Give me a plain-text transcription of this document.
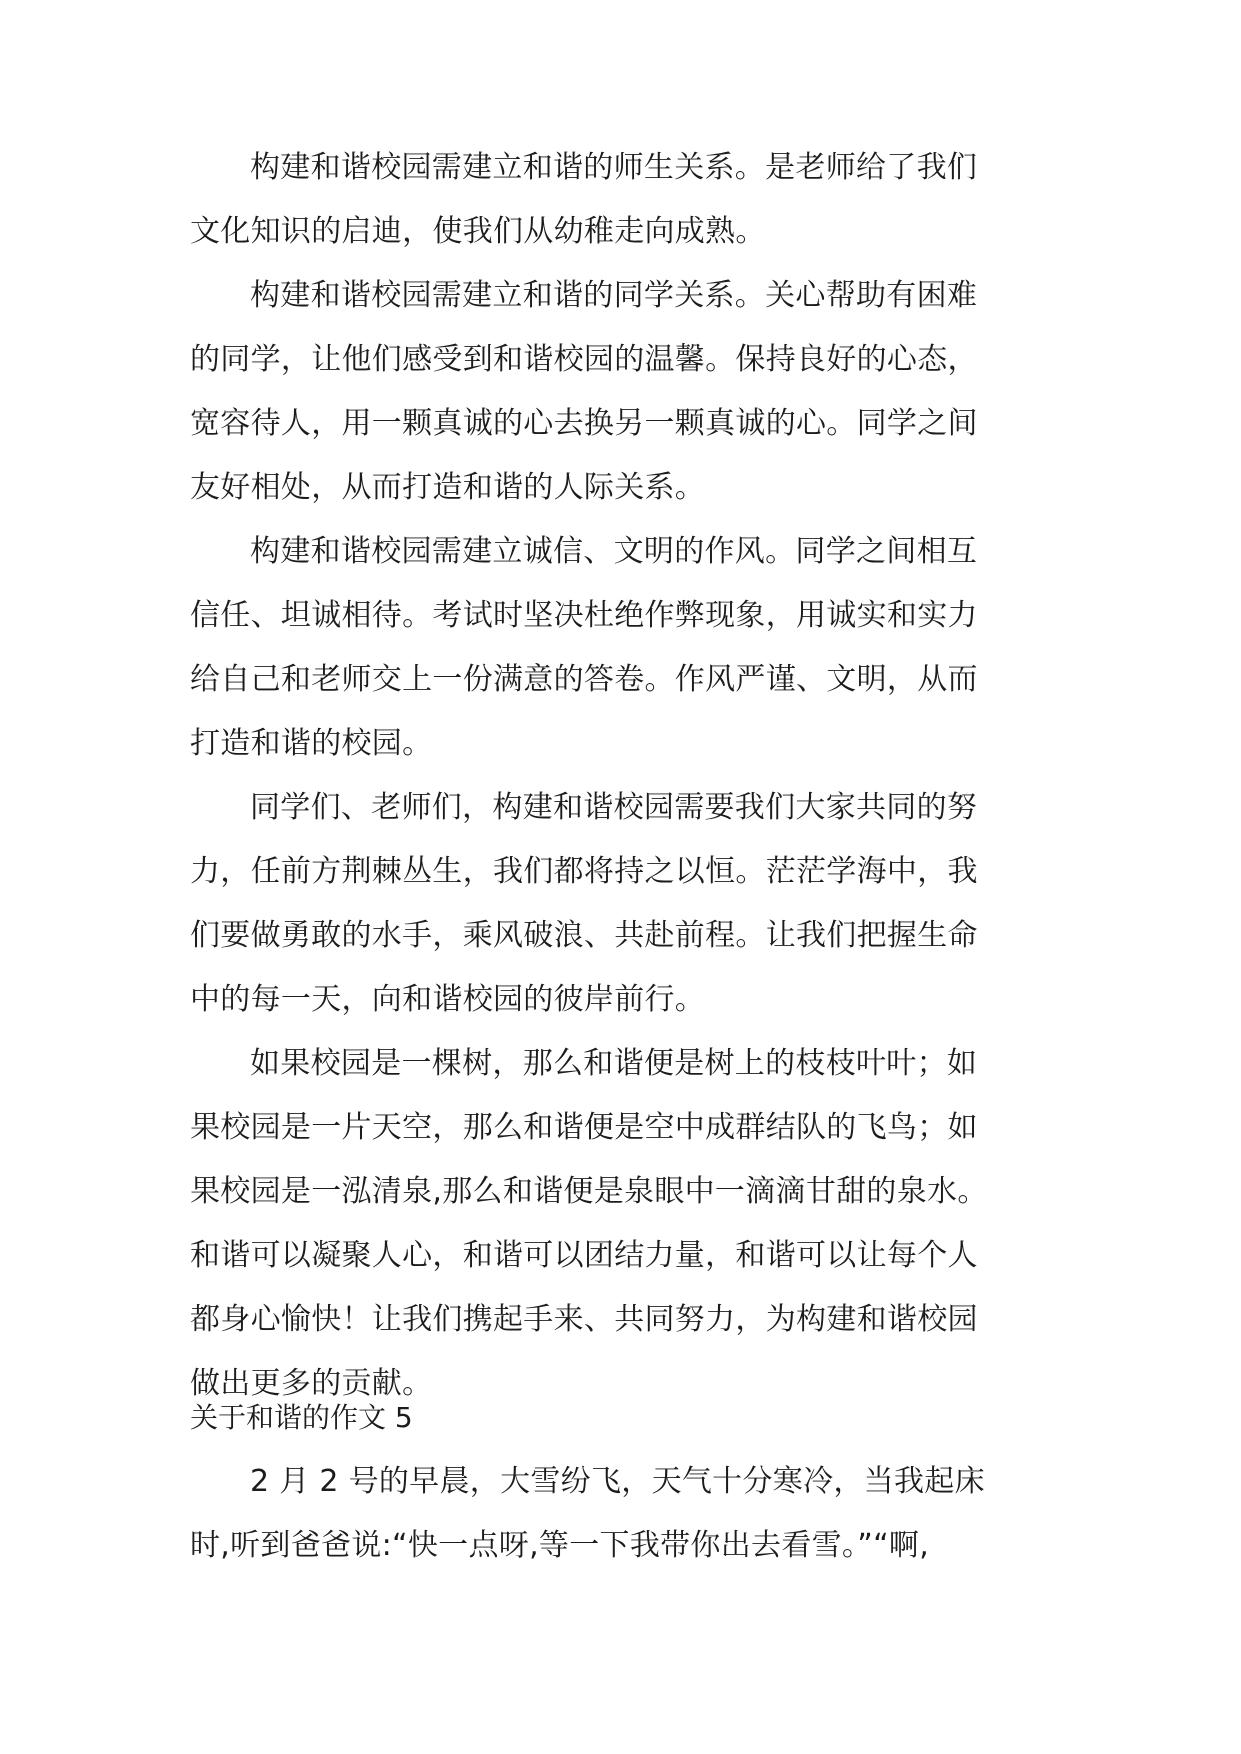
构建和谐校园需建立和谐的师生关系。是老师给了我们
文化知识的启迪，使我们从幼稚走向成熟。
构建和谐校园需建立和谐的同学关系。关心帮助有困难
的同学，让他们感受到和谐校园的温馨。保持良好的心态，
宽容待人，用一颗真诚的心去换另一颗真诚的心。同学之间
友好相处，从而打造和谐的人际关系。
构建和谐校园需建立诚信、文明的作风。同学之间相互
信任、坦诚相待。考试时坚决杜绝作弊现象，用诚实和实力
给自己和老师交上一份满意的答卷。作风严谨、文明，从而
打造和谐的校园。
同学们、老师们，构建和谐校园需要我们大家共同的努
力，任前方荆棘丛生，我们都将持之以恒。茫茫学海中，我
们要做勇敢的水手，乘风破浪、共赴前程。让我们把握生命
中的每一天，向和谐校园的彼岸前行。
如果校园是一棵树，那么和谐便是树上的枝枝叶叶；如
果校园是一片天空，那么和谐便是空中成群结队的飞鸟；如
果校园是一泓清泉,那么和谐便是泉眼中一滴滴甘甜的泉水。
和谐可以凝聚人心，和谐可以团结力量，和谐可以让每个人
都身心愉快！让我们携起手来、共同努力，为构建和谐校园
做出更多的贡献。
关于和谐的作文 5
2 月 2 号的早晨，大雪纷飞，天气十分寒冷，当我起床
时,听到爸爸说:“快一点呀,等一下我带你出去看雪。”“啊,
